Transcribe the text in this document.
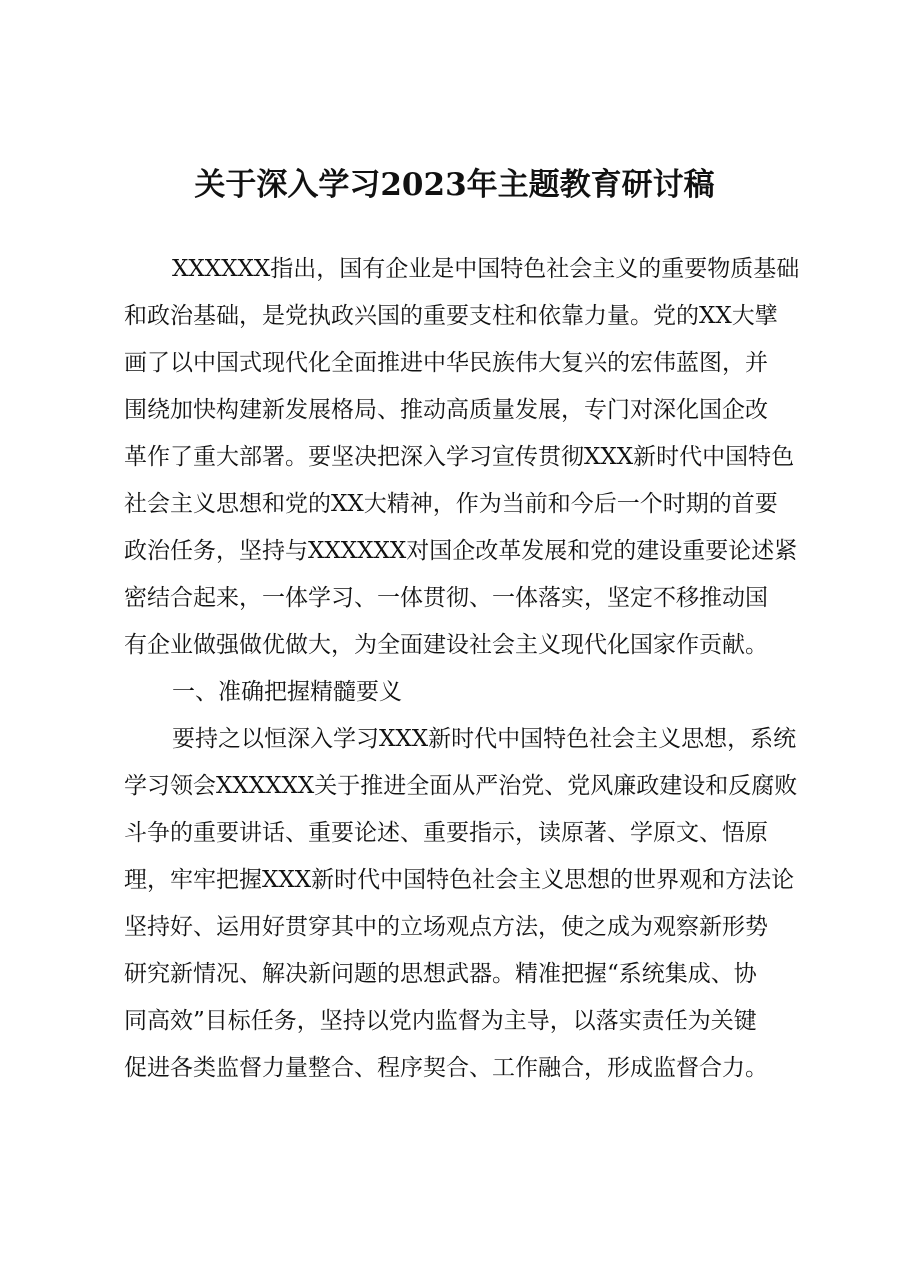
关于深入学习2023年主题教育研讨稿
XXXXXX指出，国有企业是中国特色社会主义的重要物质基础
和政治基础，是党执政兴国的重要支柱和依靠力量。党的XX大擘
画了以中国式现代化全面推进中华民族伟大复兴的宏伟蓝图，并
围绕加快构建新发展格局、推动高质量发展，专门对深化国企改
革作了重大部署。要坚决把深入学习宣传贯彻XXX新时代中国特色
社会主义思想和党的XX大精神，作为当前和今后一个时期的首要
政治任务，坚持与XXXXXX对国企改革发展和党的建设重要论述紧
密结合起来，一体学习、一体贯彻、一体落实，坚定不移推动国
有企业做强做优做大，为全面建设社会主义现代化国家作贡献。
一、准确把握精髓要义
要持之以恒深入学习XXX新时代中国特色社会主义思想，系统
学习领会XXXXXX关于推进全面从严治党、党风廉政建设和反腐败
斗争的重要讲话、重要论述、重要指示，读原著、学原文、悟原
理，牢牢把握XXX新时代中国特色社会主义思想的世界观和方法论
坚持好、运用好贯穿其中的立场观点方法，使之成为观察新形势
研究新情况、解决新问题的思想武器。精准把握“系统集成、协
同高效”目标任务，坚持以党内监督为主导，以落实责任为关键
促进各类监督力量整合、程序契合、工作融合，形成监督合力。
